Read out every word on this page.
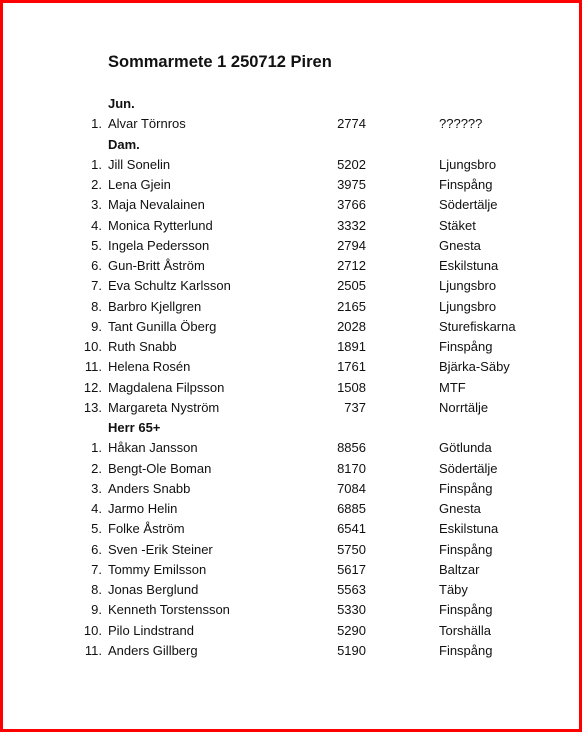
Sommarmete 1 250712 Piren
Jun.
1. Alvar Törnros	2774	??????
Dam.
1. Jill Sonelin	5202	Ljungsbro
2. Lena Gjein	3975	Finspång
3. Maja Nevalainen	3766	Södertälje
4. Monica Rytterlund	3332	Stäket
5. Ingela Pedersson	2794	Gnesta
6. Gun-Britt Åström	2712	Eskilstuna
7. Eva Schultz Karlsson	2505	Ljungsbro
8. Barbro Kjellgren	2165	Ljungsbro
9. Tant Gunilla Öberg	2028	Sturefiskarna
10. Ruth Snabb	1891	Finspång
11. Helena Rosén	1761	Bjärka-Säby
12. Magdalena Filpsson	1508	MTF
13. Margareta Nyström	737	Norrtälje
Herr 65+
1. Håkan Jansson	8856	Götlunda
2. Bengt-Ole Boman	8170	Södertälje
3. Anders Snabb	7084	Finspång
4. Jarmo Helin	6885	Gnesta
5. Folke Åström	6541	Eskilstuna
6. Sven -Erik Steiner	5750	Finspång
7. Tommy Emilsson	5617	Baltzar
8. Jonas Berglund	5563	Täby
9. Kenneth Torstensson	5330	Finspång
10. Pilo Lindstrand	5290	Torshälla
11. Anders Gillberg	5190	Finspång
